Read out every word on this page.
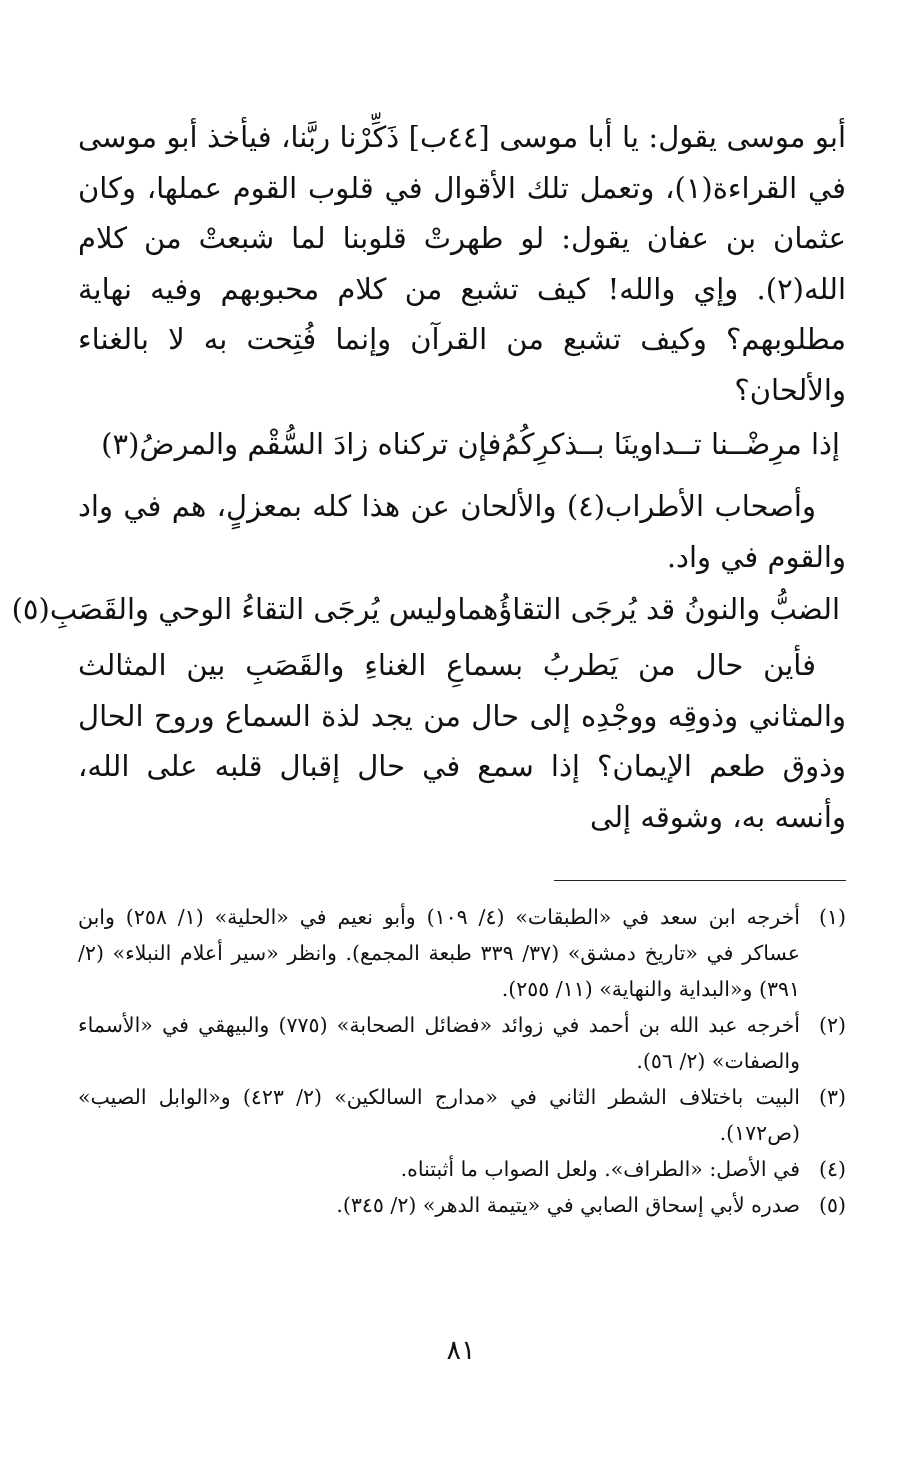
أبو موسى يقول: يا أبا موسى [٤٤ب] ذَكِّرْنا ربَّنا، فيأخذ أبو موسى في القراءة(١)، وتعمل تلك الأقوال في قلوب القوم عملها، وكان عثمان بن عفان يقول: لو طهرتْ قلوبنا لما شبعتْ من كلام الله(٢). وإي والله! كيف تشبع من كلام محبوبهم وفيه نهاية مطلوبهم؟ وكيف تشبع من القرآن وإنما فُتِحت به لا بالغناء والألحان؟

إذا مرِضْــنا تــداوينَا بــذكرِكُمُ
فإن تركناه زادَ السُّقْم والمرضُ(٣)

وأصحاب الأطراب(٤) والألحان عن هذا كله بمعزلٍ، هم في واد والقوم في واد.

الضبُّ والنونُ قد يُرجَى التقاؤُهما
وليس يُرجَى التقاءُ الوحي والقَصَبِ(٥)

فأين حال من يَطربُ بسماعِ الغناءِ والقَصَبِ بين المثالث والمثاني وذوقِه ووجْدِه إلى حال من يجد لذة السماع وروح الحال وذوق طعم الإيمان؟ إذا سمع في حال إقبال قلبه على الله، وأنسه به، وشوقه إلى

(١)
أخرجه ابن سعد في «الطبقات» (٤/ ١٠٩) وأبو نعيم في «الحلية» (١/ ٢٥٨) وابن عساكر في «تاريخ دمشق» (٣٧/ ٣٣٩ طبعة المجمع). وانظر «سير أعلام النبلاء» (٢/ ٣٩١) و«البداية والنهاية» (١١/ ٢٥٥).
(٢)
أخرجه عبد الله بن أحمد في زوائد «فضائل الصحابة» (٧٧٥) والبيهقي في «الأسماء والصفات» (٢/ ٥٦).
(٣)
البيت باختلاف الشطر الثاني في «مدارج السالكين» (٢/ ٤٢٣) و«الوابل الصيب» (ص١٧٢).
(٤)
في الأصل: «الطراف». ولعل الصواب ما أثبتناه.
(٥)
صدره لأبي إسحاق الصابي في «يتيمة الدهر» (٢/ ٣٤٥).
٨١
